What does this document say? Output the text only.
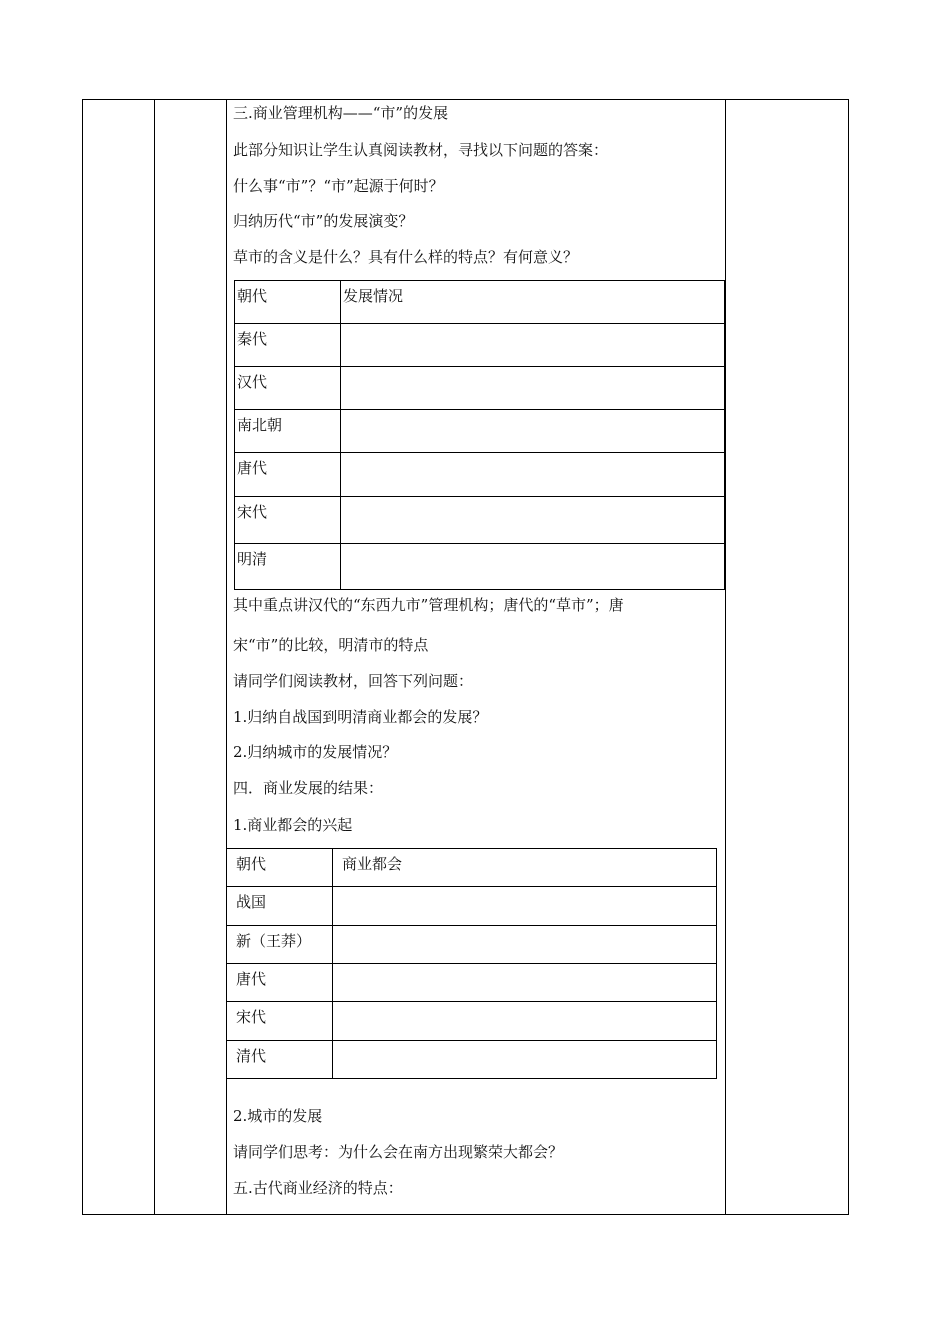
三.商业管理机构——“市”的发展
此部分知识让学生认真阅读教材，寻找以下问题的答案：
什么事“市”？“市”起源于何时？
归纳历代“市”的发展演变？
草市的含义是什么？具有什么样的特点？有何意义？
朝代	发展情况
秦代	
汉代	
南北朝	
唐代	
宋代	
明清	
其中重点讲汉代的“东西九市”管理机构；唐代的“草市”；唐
宋“市”的比较，明清市的特点
请同学们阅读教材，回答下列问题：
1.归纳自战国到明清商业都会的发展？
2.归纳城市的发展情况？
四．商业发展的结果：
1.商业都会的兴起
朝代	商业都会
战国	
新（王莽）	
唐代	
宋代	
清代	
2.城市的发展
请同学们思考：为什么会在南方出现繁荣大都会？
五.古代商业经济的特点：
